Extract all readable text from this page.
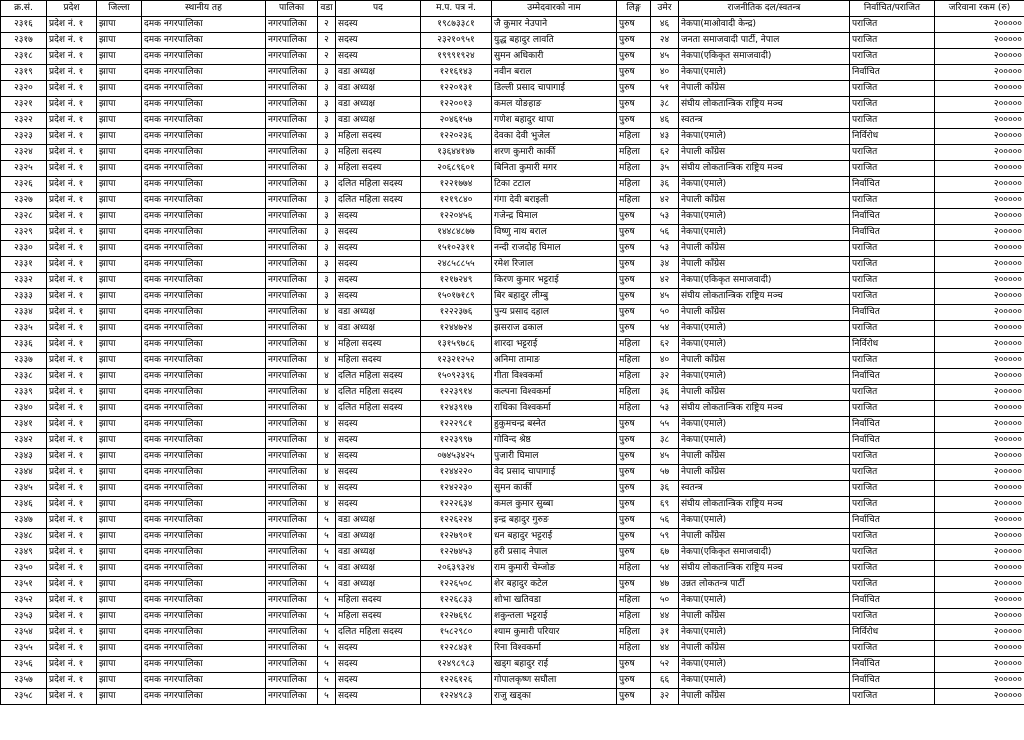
क्र.सं.	प्रदेश	जिल्ला	स्थानीय तह	पालिका	वडा	पद	म.प. पत्र नं.	उम्मेदवारको नाम	लिङ्ग	उमेर	राजनीतिक दल/स्वतन्त्र	निर्वाचित/पराजित	जरिवाना रकम (रु)
२३१६	प्रदेश नं. १	झापा	दमक नगरपालिका	नगरपालिका	२	सदस्य	१९८७३३८१	जै कुमार नेउपाने	पुरुष	४६	नेकपा(माओवादी केन्द्र)	पराजित	२०००००
२३१७	प्रदेश नं. १	झापा	दमक नगरपालिका	नगरपालिका	२	सदस्य	२३२१०९५१	युद्ध बहादुर लावति	पुरुष	२४	जनता समाजवादी पार्टी, नेपाल	पराजित	२०००००
२३१८	प्रदेश नं. १	झापा	दमक नगरपालिका	नगरपालिका	२	सदस्य	१९९९१९२४	सुमन अधिकारी	पुरुष	४५	नेकपा(एकिकृत समाजवादी)	पराजित	२०००००
२३१९	प्रदेश नं. १	झापा	दमक नगरपालिका	नगरपालिका	३	वडा अध्यक्ष	१२१६१४३	नवीन बराल	पुरुष	४०	नेकपा(एमाले)	निर्वाचित	२०००००
२३२०	प्रदेश नं. १	झापा	दमक नगरपालिका	नगरपालिका	३	वडा अध्यक्ष	१२२०१३१	डिल्ली प्रसाद चापागाई	पुरुष	५१	नेपाली काँग्रेस	पराजित	२०००००
२३२१	प्रदेश नं. १	झापा	दमक नगरपालिका	नगरपालिका	३	वडा अध्यक्ष	१२२००१३	कमल योङहाङ	पुरुष	३८	संघीय लोकतान्त्रिक राष्ट्रिय मञ्च	पराजित	२०००००
२३२२	प्रदेश नं. १	झापा	दमक नगरपालिका	नगरपालिका	३	वडा अध्यक्ष	२०४६१५७	गणेश बहादुर थापा	पुरुष	४६	स्वतन्त्र	पराजित	२०००००
२३२३	प्रदेश नं. १	झापा	दमक नगरपालिका	नगरपालिका	३	महिला सदस्य	१२२०२३६	देवका देवी भुजेल	महिला	४३	नेकपा(एमाले)	निर्विरोध	२०००००
२३२४	प्रदेश नं. १	झापा	दमक नगरपालिका	नगरपालिका	३	महिला सदस्य	१३६४४१४७	शरण कुमारी कार्की	महिला	६२	नेपाली काँग्रेस	पराजित	२०००००
२३२५	प्रदेश नं. १	झापा	दमक नगरपालिका	नगरपालिका	३	महिला सदस्य	२०६८९६०१	बिनिता कुमारी मगर	महिला	३५	संघीय लोकतान्त्रिक राष्ट्रिय मञ्च	पराजित	२०००००
२३२६	प्रदेश नं. १	झापा	दमक नगरपालिका	नगरपालिका	३	दलित महिला सदस्य	१२२१७७४	टिका टटाल	महिला	३६	नेकपा(एमाले)	निर्वाचित	२०००००
२३२७	प्रदेश नं. १	झापा	दमक नगरपालिका	नगरपालिका	३	दलित महिला सदस्य	१२१९८४०	गंगा देवी बराइली	महिला	४२	नेपाली काँग्रेस	पराजित	२०००००
२३२८	प्रदेश नं. १	झापा	दमक नगरपालिका	नगरपालिका	३	सदस्य	१२२०४५६	गजेन्द्र घिमाल	पुरुष	५३	नेकपा(एमाले)	निर्वाचित	२०००००
२३२९	प्रदेश नं. १	झापा	दमक नगरपालिका	नगरपालिका	३	सदस्य	१४४८४८७७	विष्णु नाथ बराल	पुरुष	५६	नेकपा(एमाले)	निर्वाचित	२०००००
२३३०	प्रदेश नं. १	झापा	दमक नगरपालिका	नगरपालिका	३	सदस्य	१५१०२३११	नन्दी राजदोह घिमाल	पुरुष	५३	नेपाली काँग्रेस	पराजित	२०००००
२३३१	प्रदेश नं. १	झापा	दमक नगरपालिका	नगरपालिका	३	सदस्य	२४८५८८५५	रमेश रिजाल	पुरुष	३४	नेपाली काँग्रेस	पराजित	२०००००
२३३२	प्रदेश नं. १	झापा	दमक नगरपालिका	नगरपालिका	३	सदस्य	१२१७२४९	किरण कुमार भट्टराई	पुरुष	४२	नेकपा(एकिकृत समाजवादी)	पराजित	२०००००
२३३३	प्रदेश नं. १	झापा	दमक नगरपालिका	नगरपालिका	३	सदस्य	१५०१७१८९	बिर बहादुर लीम्बु	पुरुष	४५	संघीय लोकतान्त्रिक राष्ट्रिय मञ्च	पराजित	२०००००
२३३४	प्रदेश नं. १	झापा	दमक नगरपालिका	नगरपालिका	४	वडा अध्यक्ष	१२२२३७६	पुन्य प्रसाद दहाल	पुरुष	५०	नेपाली काँग्रेस	निर्वाचित	२०००००
२३३५	प्रदेश नं. १	झापा	दमक नगरपालिका	नगरपालिका	४	वडा अध्यक्ष	१२४४७२४	झसराज ढकाल	पुरुष	५४	नेकपा(एमाले)	पराजित	२०००००
२३३६	प्रदेश नं. १	झापा	दमक नगरपालिका	नगरपालिका	४	महिला सदस्य	१३१५९७८६	शारदा भट्टराई	महिला	६२	नेकपा(एमाले)	निर्विरोध	२०००००
२३३७	प्रदेश नं. १	झापा	दमक नगरपालिका	नगरपालिका	४	महिला सदस्य	१२३२१२५२	अनिमा तामाङ	महिला	४०	नेपाली काँग्रेस	पराजित	२०००००
२३३८	प्रदेश नं. १	झापा	दमक नगरपालिका	नगरपालिका	४	दलित महिला सदस्य	१५०९२३९६	गीता विश्वकर्मा	महिला	३२	नेकपा(एमाले)	निर्वाचित	२०००००
२३३९	प्रदेश नं. १	झापा	दमक नगरपालिका	नगरपालिका	४	दलित महिला सदस्य	१२२३९१४	कल्पना विश्वकर्मा	महिला	३६	नेपाली काँग्रेस	पराजित	२०००००
२३४०	प्रदेश नं. १	झापा	दमक नगरपालिका	नगरपालिका	४	दलित महिला सदस्य	१२४३९१७	राधिका विश्वकर्मा	महिला	५३	संघीय लोकतान्त्रिक राष्ट्रिय मञ्च	पराजित	२०००००
२३४१	प्रदेश नं. १	झापा	दमक नगरपालिका	नगरपालिका	४	सदस्य	१२२२९८१	हुकुमचन्द्र बस्नेत	पुरुष	५५	नेकपा(एमाले)	निर्वाचित	२०००००
२३४२	प्रदेश नं. १	झापा	दमक नगरपालिका	नगरपालिका	४	सदस्य	१२२३९९७	गोविन्द श्रेष्ठ	पुरुष	३८	नेकपा(एमाले)	निर्वाचित	२०००००
२३४३	प्रदेश नं. १	झापा	दमक नगरपालिका	नगरपालिका	४	सदस्य	०७४५३४२५	पुजारी घिमाल	पुरुष	४५	नेपाली काँग्रेस	पराजित	२०००००
२३४४	प्रदेश नं. १	झापा	दमक नगरपालिका	नगरपालिका	४	सदस्य	१२४४२२०	वेद प्रसाद चापागाई	पुरुष	५७	नेपाली काँग्रेस	पराजित	२०००००
२३४५	प्रदेश नं. १	झापा	दमक नगरपालिका	नगरपालिका	४	सदस्य	१२४२२३०	सुमन कार्की	पुरुष	३६	स्वतन्त्र	पराजित	२०००००
२३४६	प्रदेश नं. १	झापा	दमक नगरपालिका	नगरपालिका	४	सदस्य	१२२२६३४	कमल कुमार सुब्बा	पुरुष	६९	संघीय लोकतान्त्रिक राष्ट्रिय मञ्च	पराजित	२०००००
२३४७	प्रदेश नं. १	झापा	दमक नगरपालिका	नगरपालिका	५	वडा अध्यक्ष	१२२६२२४	इन्द्र बहादुर गुरुङ	पुरुष	५६	नेकपा(एमाले)	निर्वाचित	२०००००
२३४८	प्रदेश नं. १	झापा	दमक नगरपालिका	नगरपालिका	५	वडा अध्यक्ष	१२२७९०१	धन बहादुर भट्टराई	पुरुष	५९	नेपाली काँग्रेस	पराजित	२०००००
२३४९	प्रदेश नं. १	झापा	दमक नगरपालिका	नगरपालिका	५	वडा अध्यक्ष	१२२७४५३	हरी प्रसाद नेपाल	पुरुष	६७	नेकपा(एकिकृत समाजवादी)	पराजित	२०००००
२३५०	प्रदेश नं. १	झापा	दमक नगरपालिका	नगरपालिका	५	वडा अध्यक्ष	२०६३९३२४	राम कुमारी चेम्जोङ	महिला	५४	संघीय लोकतान्त्रिक राष्ट्रिय मञ्च	पराजित	२०००००
२३५१	प्रदेश नं. १	झापा	दमक नगरपालिका	नगरपालिका	५	वडा अध्यक्ष	१२२६५०८	शेर बहादुर कटेल	पुरुष	४७	उन्नत लोकतन्त्र पार्टी	पराजित	२०००००
२३५२	प्रदेश नं. १	झापा	दमक नगरपालिका	नगरपालिका	५	महिला सदस्य	१२२६८३३	शोभा खतिवडा	महिला	५०	नेकपा(एमाले)	निर्वाचित	२०००००
२३५३	प्रदेश नं. १	झापा	दमक नगरपालिका	नगरपालिका	५	महिला सदस्य	१२२७६९८	शकुन्तला भट्टराई	महिला	४४	नेपाली काँग्रेस	पराजित	२०००००
२३५४	प्रदेश नं. १	झापा	दमक नगरपालिका	नगरपालिका	५	दलित महिला सदस्य	१५८२९८०	श्याम कुमारी परियार	महिला	३१	नेकपा(एमाले)	निर्विरोध	२०००००
२३५५	प्रदेश नं. १	झापा	दमक नगरपालिका	नगरपालिका	५	सदस्य	१२२८४३१	रिना विश्वकर्मा	महिला	४४	नेपाली काँग्रेस	पराजित	२०००००
२३५६	प्रदेश नं. १	झापा	दमक नगरपालिका	नगरपालिका	५	सदस्य	१२४९८९८३	खड्ग बहादुर राई	पुरुष	५२	नेकपा(एमाले)	निर्वाचित	२०००००
२३५७	प्रदेश नं. १	झापा	दमक नगरपालिका	नगरपालिका	५	सदस्य	१२२६१२६	गोपालकृष्ण सघौला	पुरुष	६६	नेकपा(एमाले)	निर्वाचित	२०००००
२३५८	प्रदेश नं. १	झापा	दमक नगरपालिका	नगरपालिका	५	सदस्य	१२२४९८३	राजु खड्का	पुरुष	३२	नेपाली काँग्रेस	पराजित	२०००००
